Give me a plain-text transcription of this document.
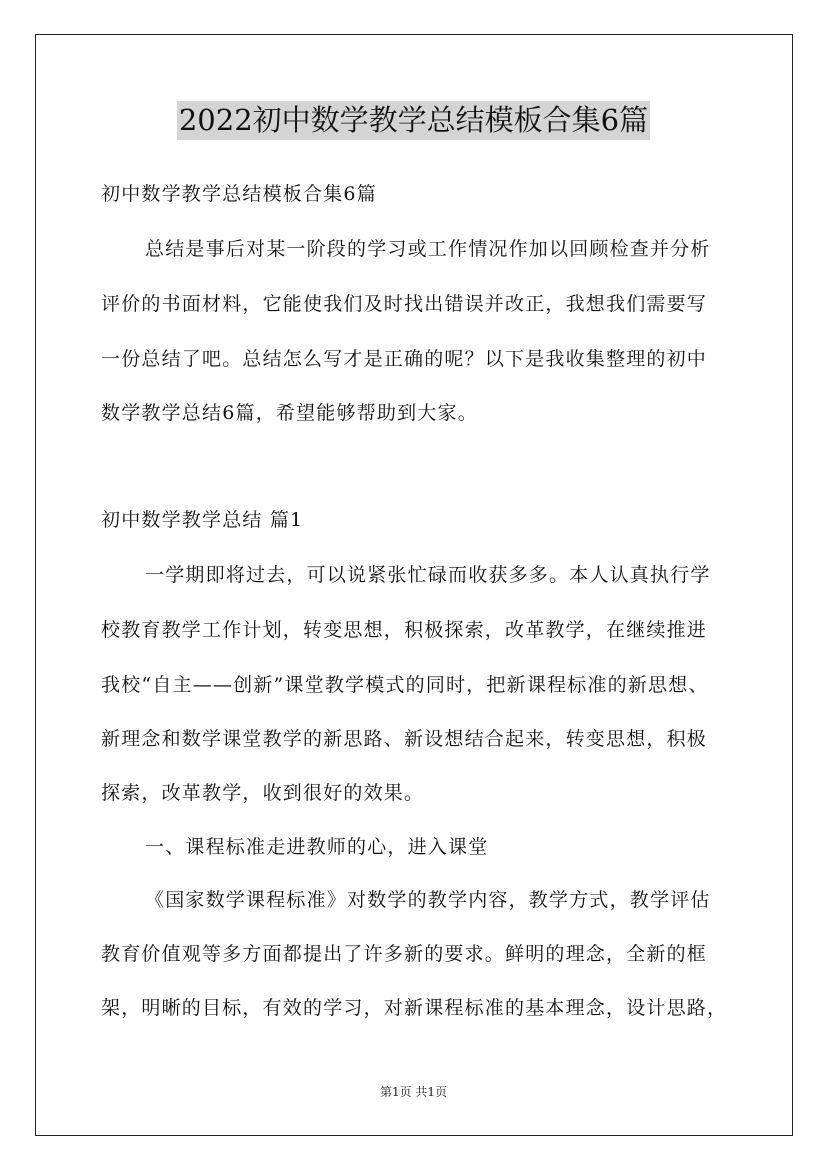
2022初中数学教学总结模板合集6篇
初中数学教学总结模板合集6篇
总结是事后对某一阶段的学习或工作情况作加以回顾检查并分析
评价的书面材料，它能使我们及时找出错误并改正，我想我们需要写
一份总结了吧。总结怎么写才是正确的呢？以下是我收集整理的初中
数学教学总结6篇，希望能够帮助到大家。
初中数学教学总结 篇1
一学期即将过去，可以说紧张忙碌而收获多多。本人认真执行学
校教育教学工作计划，转变思想，积极探索，改革教学，在继续推进
我校“自主——创新”课堂教学模式的同时，把新课程标准的新思想、
新理念和数学课堂教学的新思路、新设想结合起来，转变思想，积极
探索，改革教学，收到很好的效果。
一、课程标准走进教师的心，进入课堂
《国家数学课程标准》对数学的教学内容，教学方式，教学评估
教育价值观等多方面都提出了许多新的要求。鲜明的理念，全新的框
架，明晰的目标，有效的学习，对新课程标准的基本理念，设计思路，
第1页 共1页
